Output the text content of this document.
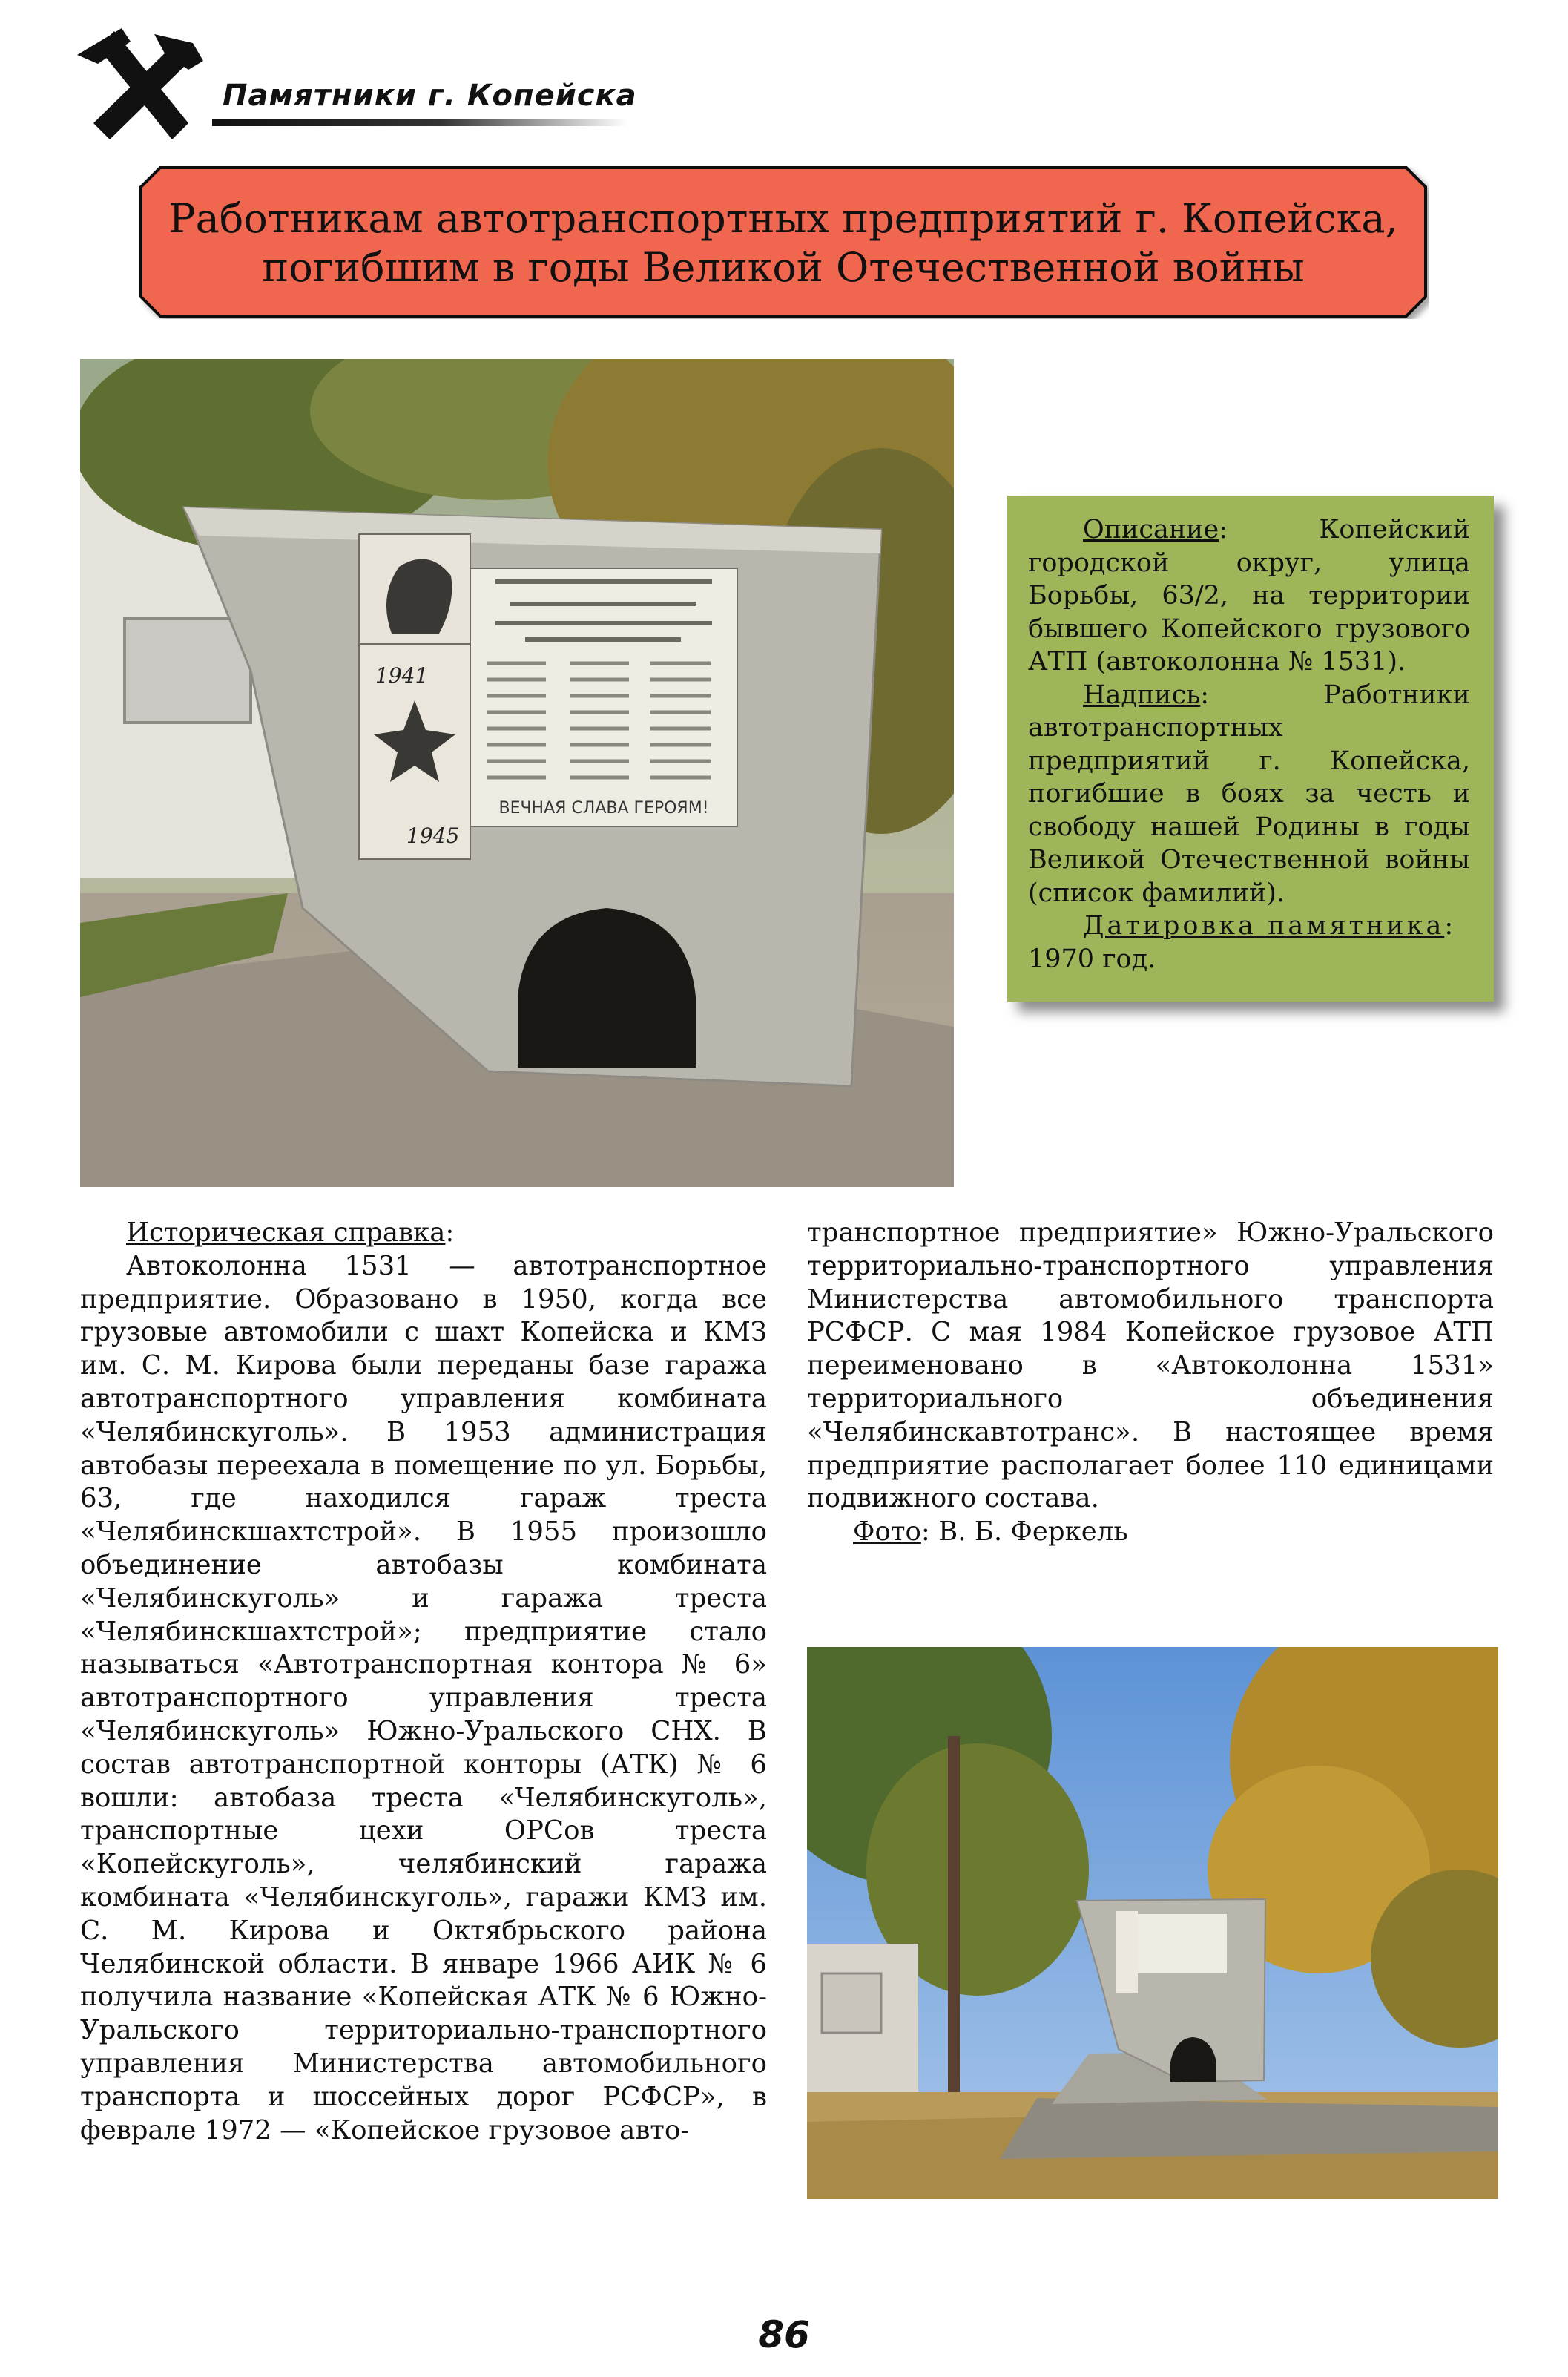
Памятники г. Копейска
Работникам автотранспортных предприятий г. Копейска,
погибшим в годы Великой Отечественной войны
1941
1945
ВЕЧНАЯ СЛАВА ГЕРОЯМ!

Описание: Копейский городской округ, улица Борьбы, 63/2, на территории бывшего Копейского грузового АТП (автоколонна № 1531).

Надпись: Работники автотранспортных предприятий г. Копейска, погибшие в боях за честь и свободу нашей Родины в годы Великой Отечественной войны (список фамилий).

Датировка памятника:

1970 год.

Историческая справка:

Автоколонна 1531 — автотранспортное предприятие. Образовано в 1950, когда все грузовые автомобили с шахт Копейска и КМЗ им. С. М. Кирова были переданы базе гаража автотранспортного управления комбината «Челябинскуголь». В 1953 администрация автобазы переехала в помещение по ул. Борьбы, 63, где находился гараж треста «Челябинскшахтстрой». В 1955 произошло объединение автобазы комбината «Челябинскуголь» и гаража треста «Челябинскшахтстрой»; предприятие стало называться «Автотранспортная контора № 6» автотранспортного управления треста «Челябинскуголь» Южно-Уральского СНХ. В состав автотранспортной конторы (АТК) № 6 вошли: автобаза треста «Челябинскуголь», транспортные цехи ОРСов треста «Копейскуголь», челябинский гаража комбината «Челябинскуголь», гаражи КМЗ им. С. М. Кирова и Октябрьского района Челябинской области. В январе 1966 АИК № 6 получила название «Копейская АТК № 6 Южно-Уральского территориально-транспортного управления Министерства автомобильного транспорта и шоссейных дорог РСФСР», в феврале 1972 — «Копейское грузовое авто-

транспортное предприятие» Южно-Уральского территориально-транспортного управления Министерства автомобильного транспорта РСФСР. С мая 1984 Копейское грузовое АТП переименовано в «Автоколонна 1531» территориального объединения «Челябинскавтотранс». В настоящее время предприятие располагает более 110 единицами подвижного состава.

Фото: В. Б. Феркель

86
